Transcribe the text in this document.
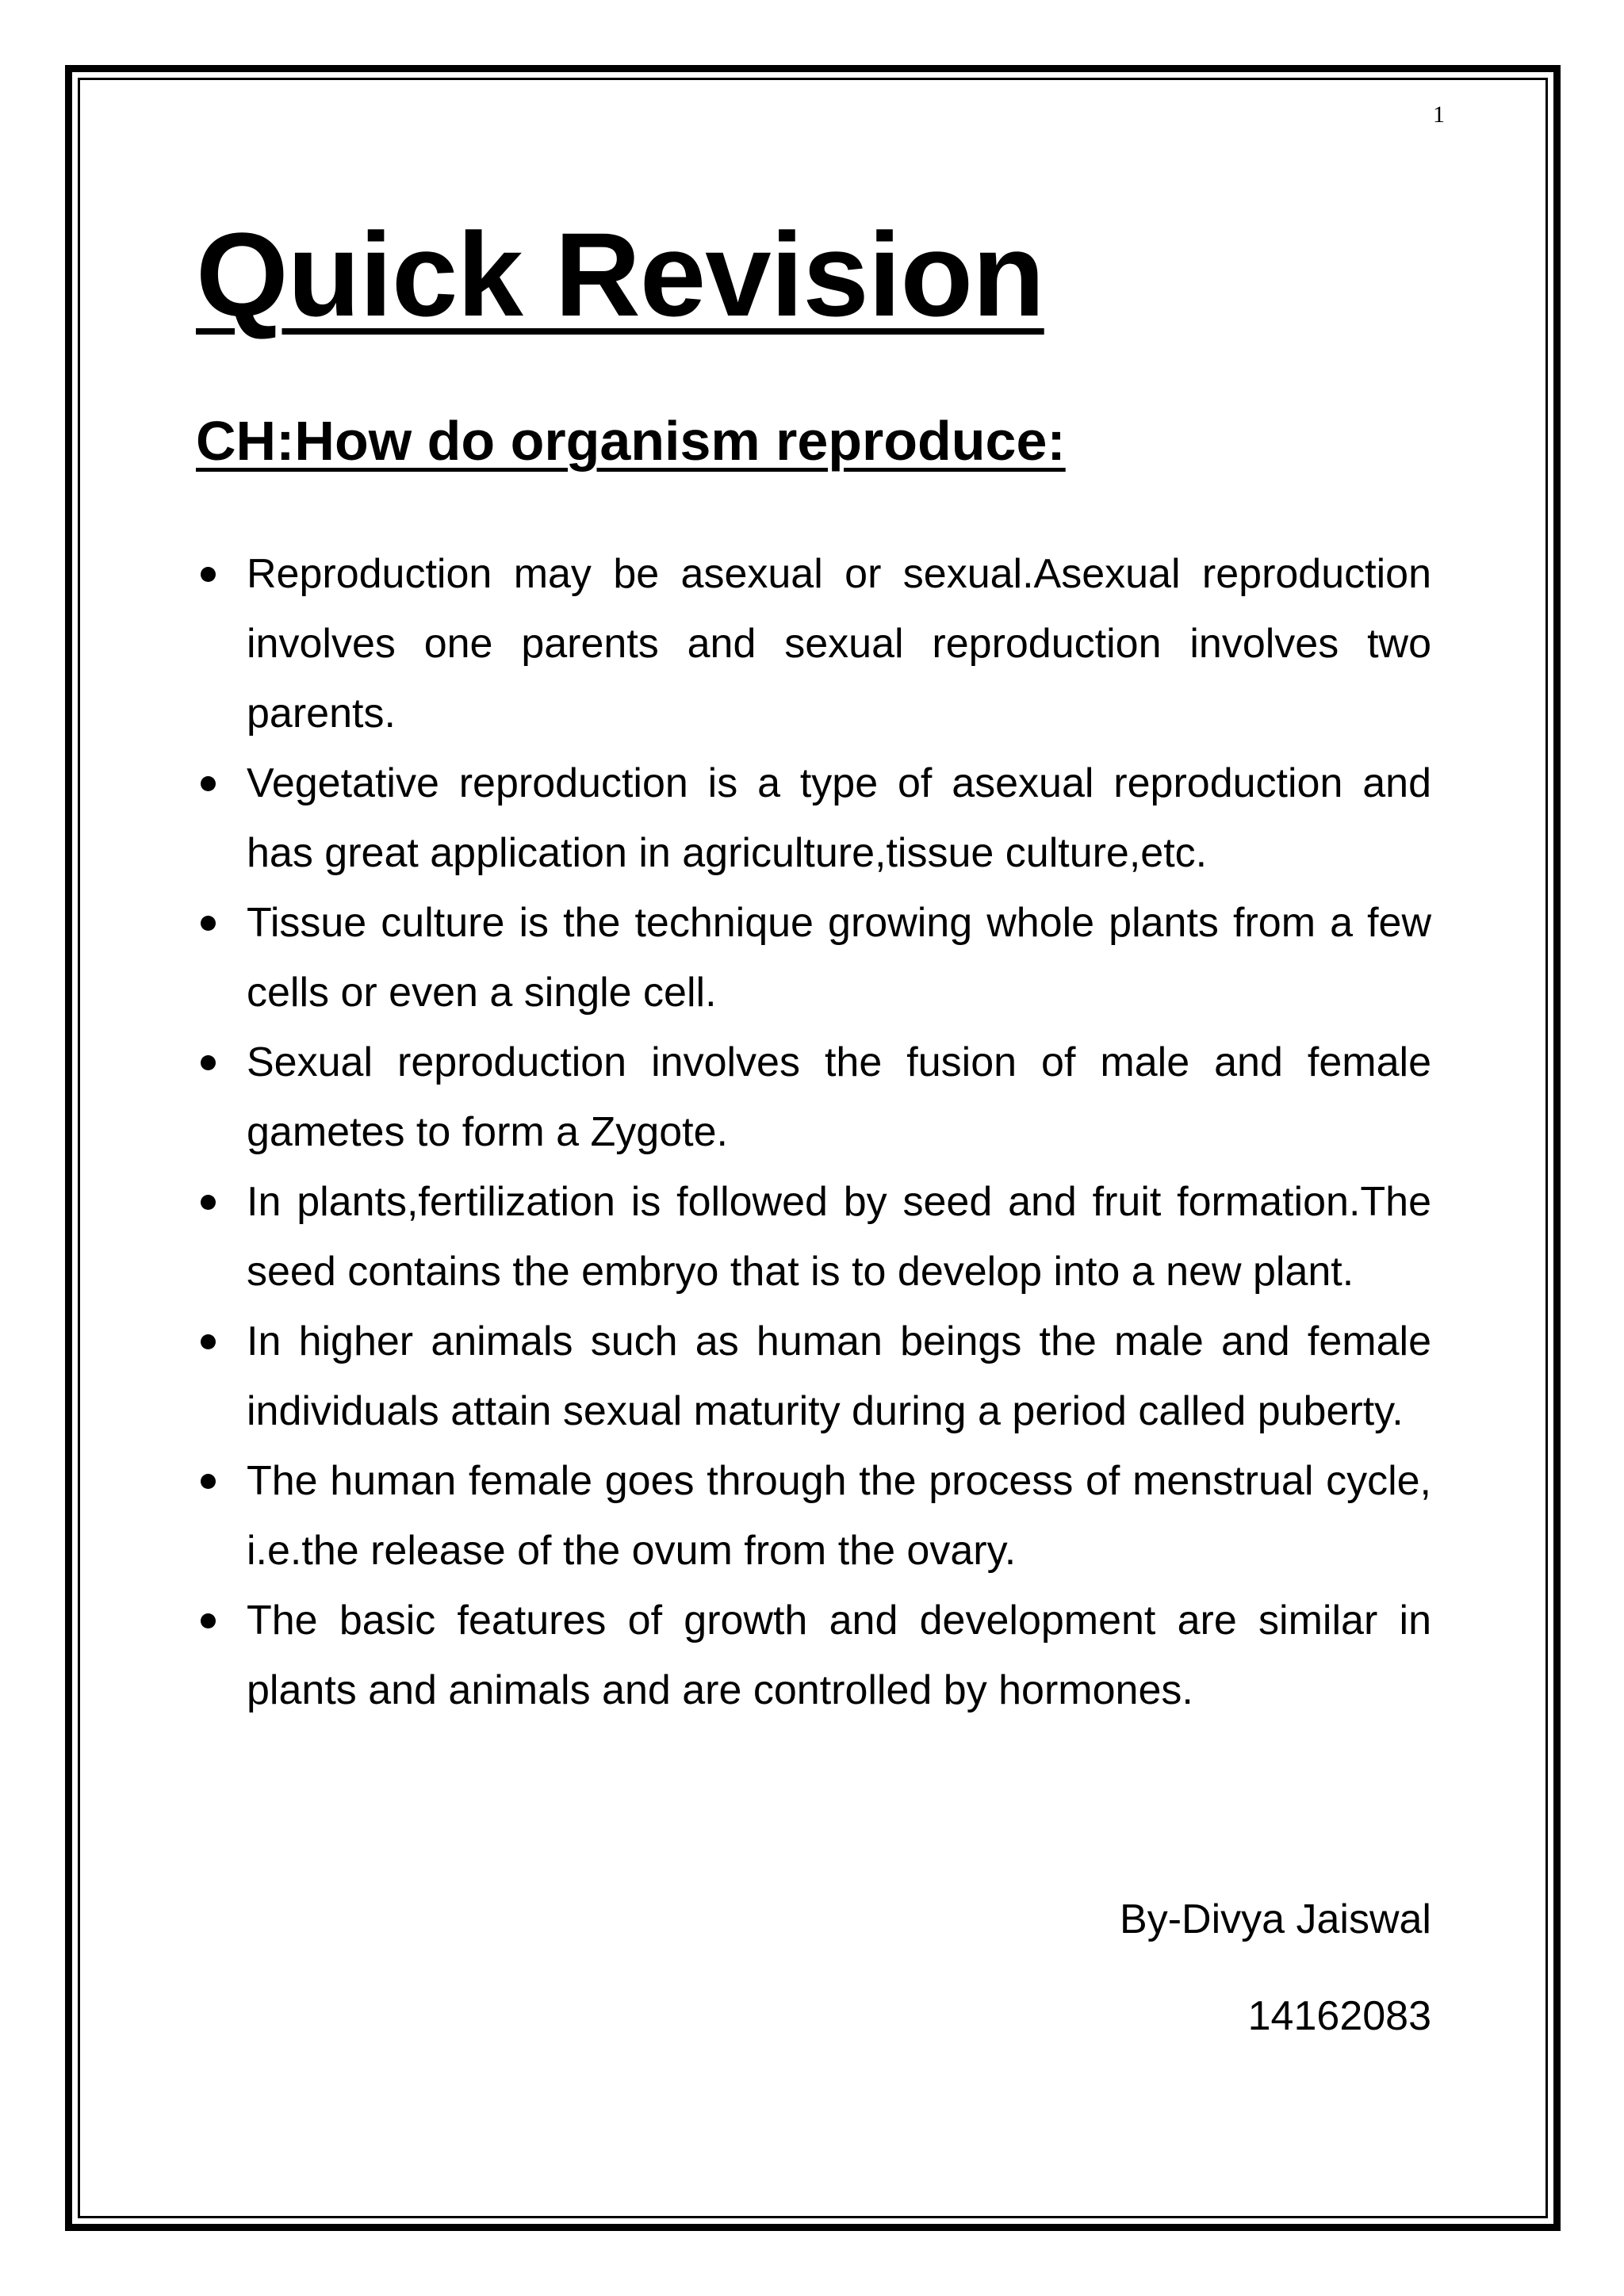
1
Quick Revision
CH:How do organism reproduce:
Reproduction may be asexual or sexual.Asexual reproduction involves one parents and sexual reproduction involves two parents.
Vegetative reproduction is a type of asexual reproduction and has great application in agriculture,tissue culture,etc.
Tissue culture is the technique growing whole plants from a few cells or even a single cell.
Sexual reproduction involves the fusion of male and female gametes to form a Zygote.
In plants,fertilization is followed by seed and fruit formation.The seed contains the embryo that is to develop into a new plant.
In higher animals such as human beings the male and female individuals attain sexual maturity during a period called puberty.
The human female goes through the process of menstrual cycle, i.e.the release of the ovum from the ovary.
The basic features of growth and development are similar in plants and animals and are controlled by hormones.
By-Divya Jaiswal
14162083
